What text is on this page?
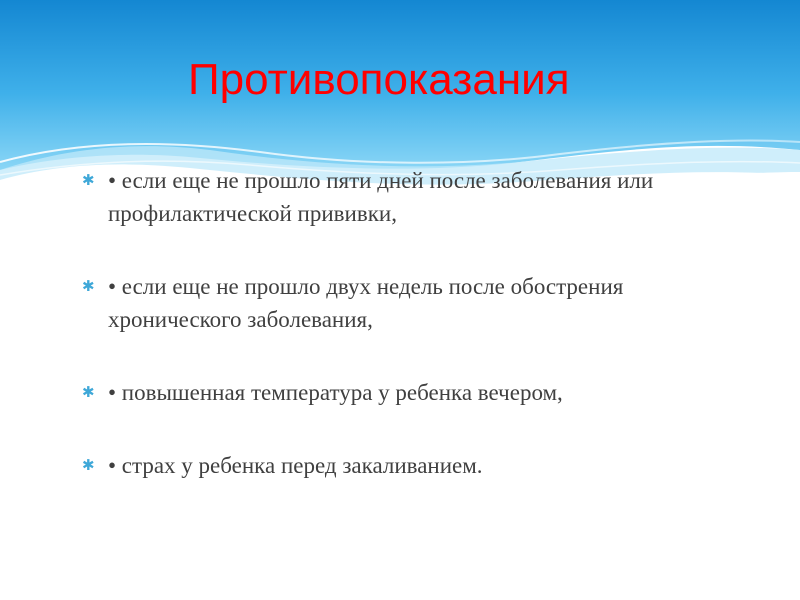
Противопоказания
✱ • если еще не прошло пяти дней после заболевания или профилактической прививки,
✱ • если еще не прошло двух недель после обострения хронического заболевания,
✱ • повышенная температура у ребенка вечером,
✱ • страх у ребенка перед закаливанием.
